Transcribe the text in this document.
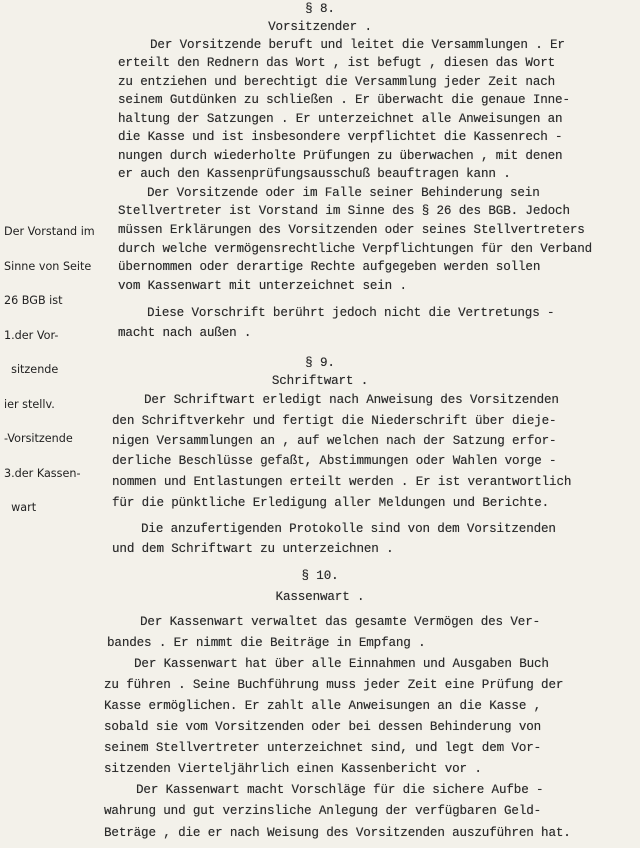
§ 8.
Vorsitzender .
Der Vorsitzende beruft und leitet die Versammlungen . Er
erteilt den Rednern das Wort , ist befugt , diesen das Wort
zu entziehen und berechtigt die Versammlung jeder Zeit nach
seinem Gutdünken zu schließen . Er überwacht die genaue Inne-
haltung der Satzungen . Er unterzeichnet alle Anweisungen an
die Kasse und ist insbesondere verpflichtet die Kassenrech -
nungen durch wiederholte Prüfungen zu überwachen , mit denen
er auch den Kassenprüfungsausschuß beauftragen kann .
Der Vorsitzende oder im Falle seiner Behinderung sein
Stellvertreter ist Vorstand im Sinne des § 26 des BGB. Jedoch
müssen Erklärungen des Vorsitzenden oder seines Stellvertreters
durch welche vermögensrechtliche Verpflichtungen für den Verband
übernommen oder derartige Rechte aufgegeben werden sollen
vom Kassenwart mit unterzeichnet sein .
Diese Vorschrift berührt jedoch nicht die Vertretungs -
macht nach außen .
§ 9.
Schriftwart .
Der Schriftwart erledigt nach Anweisung des Vorsitzenden
den Schriftverkehr und fertigt die Niederschrift über dieje-
nigen Versammlungen an , auf welchen nach der Satzung erfor-
derliche Beschlüsse gefaßt, Abstimmungen oder Wahlen vorge -
nommen und Entlastungen erteilt werden . Er ist verantwortlich
für die pünktliche Erledigung aller Meldungen und Berichte.
Die anzufertigenden Protokolle sind von dem Vorsitzenden
und dem Schriftwart zu unterzeichnen .
§ 10.
Kassenwart .
Der Kassenwart verwaltet das gesamte Vermögen des Ver-
bandes . Er nimmt die Beiträge in Empfang .
Der Kassenwart hat über alle Einnahmen und Ausgaben Buch
zu führen . Seine Buchführung muss jeder Zeit eine Prüfung der
Kasse ermöglichen. Er zahlt alle Anweisungen an die Kasse ,
sobald sie vom Vorsitzenden oder bei dessen Behinderung von
seinem Stellvertreter unterzeichnet sind, und legt dem Vor-
sitzenden Vierteljährlich einen Kassenbericht vor .
Der Kassenwart macht Vorschläge für die sichere Aufbe -
wahrung und gut verzinsliche Anlegung der verfügbaren Geld-
Beträge , die er nach Weisung des Vorsitzenden auszuführen hat.

Der Vorstand im

Sinne von Seite

26 BGB ist

1.der Vor-

sitzende

ier stellv.

-Vorsitzende

3.der Kassen-

wart
